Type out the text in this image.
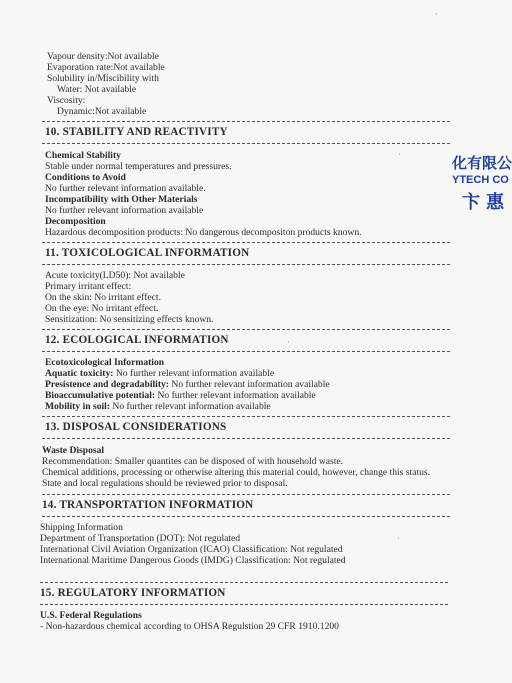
Vapour density:Not available
Evaporation rate:Not available
Solubility in/Miscibility with
Water: Not available
Viscosity:
Dynamic:Not available
10. STABILITY AND REACTIVITY
Chemical Stability
Stable under normal temperatures and pressures.
Conditions to Avoid
No further relevant information available.
Incompatibility with Other Materials
No further relevant information available
Decomposition
Hazardous decomposition products: No dangerous decompositon products known.
11. TOXICOLOGICAL INFORMATION
Acute toxicity(LD50): Not available
Primary irritant effect:
On the skin: No irritant effect.
On the eye: No irritant effect.
Sensitization: No sensitizing effects known.
12. ECOLOGICAL INFORMATION
Ecotoxicological Information
Aquatic toxicity: No further relevant information available
Presistence and degradability: No further relevant information available
Bioaccumulative potential: No further relevant information available
Mobility in soil: No further relevant information available
13. DISPOSAL CONSIDERATIONS
Waste Disposal
Recommendation: Smaller quantites can be disposed of with household waste.
Chemical additions, processing or otherwise altering this material could, however, change this status.
State and local regulations should be reviewed prior to disposal.
14. TRANSPORTATION INFORMATION
Shipping Information
Department of Transportation (DOT): Not regulated
International Civil Aviation Organization (ICAO) Classification: Not regulated
International Maritime Dangerous Goods (IMDG) Classification: Not regulated
15. REGULATORY INFORMATION
U.S. Federal Regulations
- Non-hazardous chemical according to OHSA Regulstion 29 CFR 1910.1200
化有限公
YTECH CO
卞惠
·
·
·
·
